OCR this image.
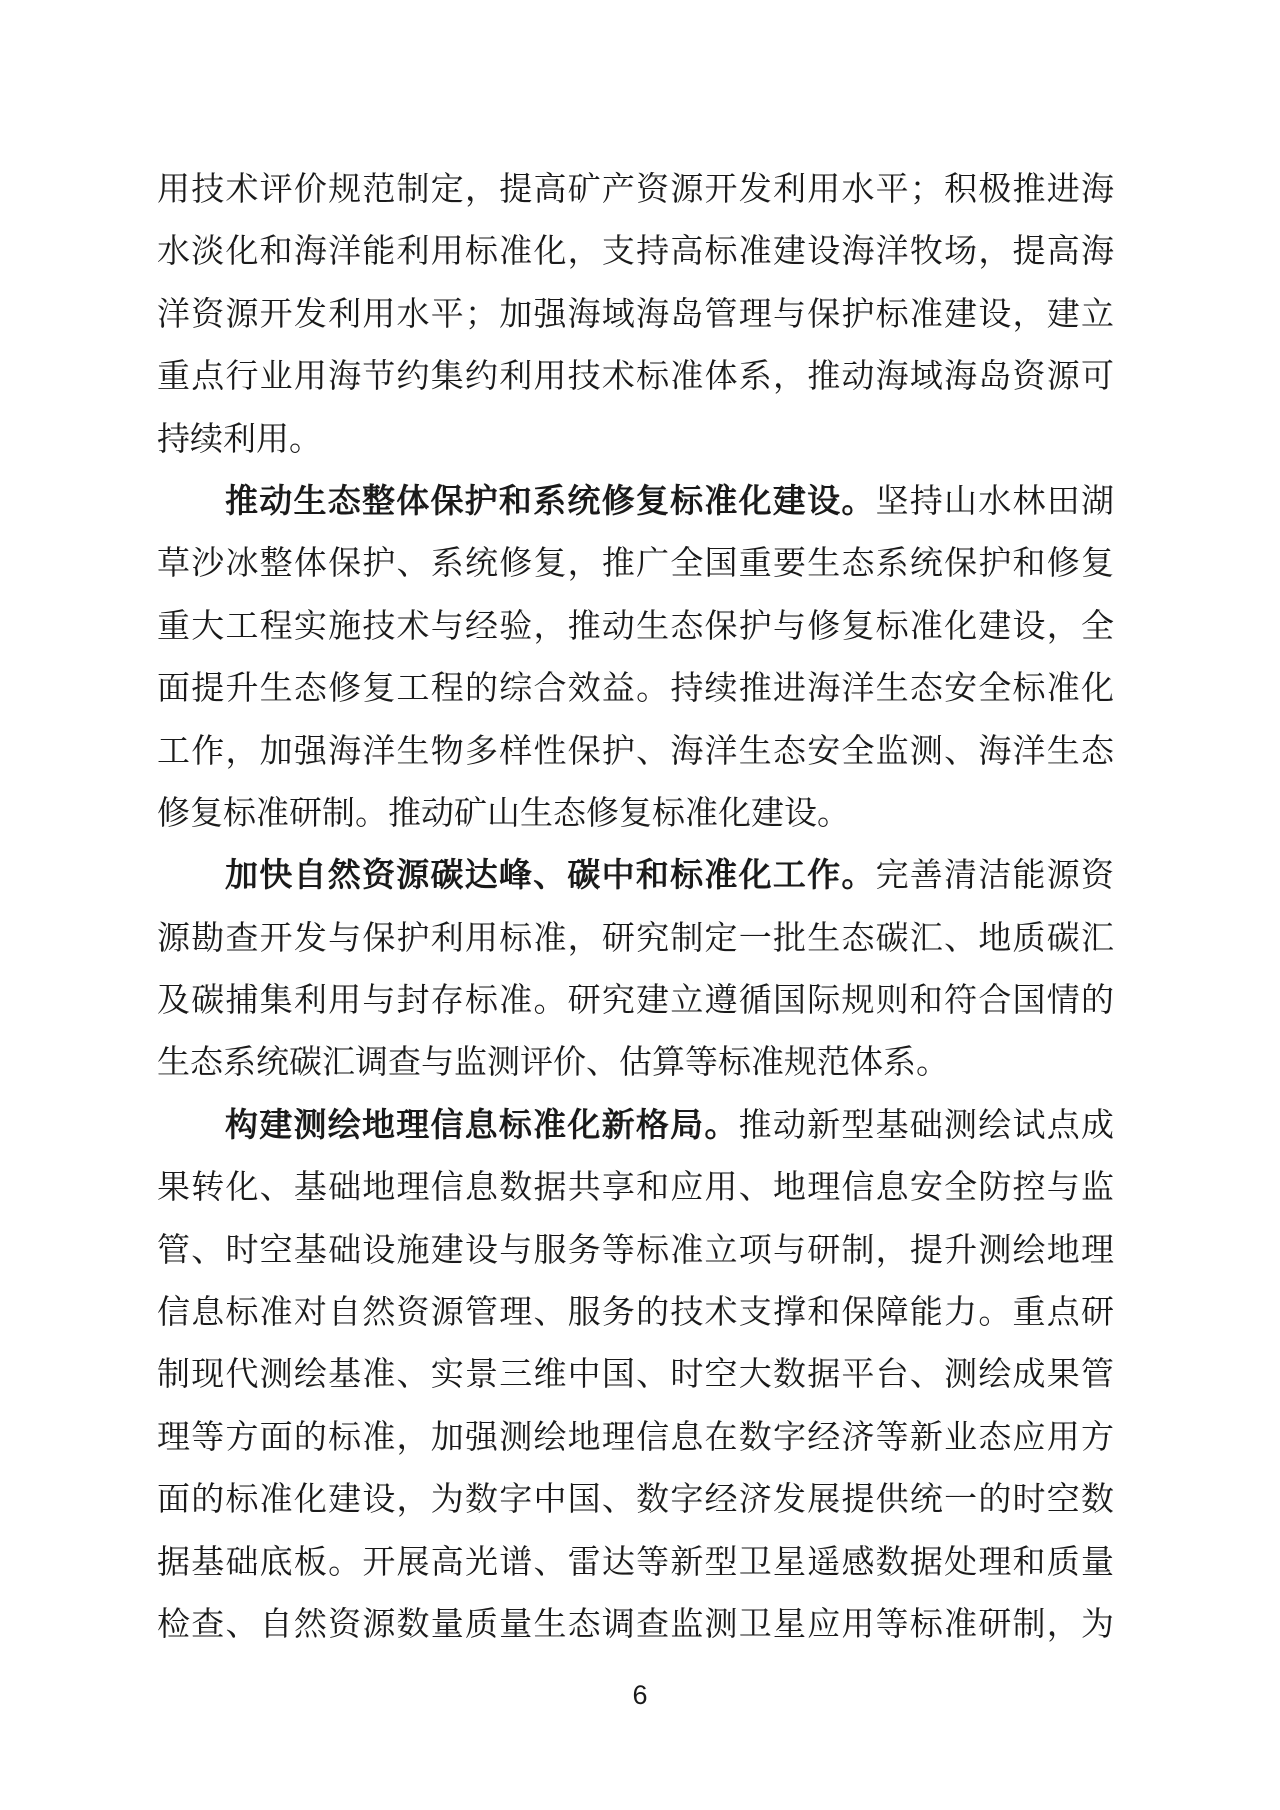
用技术评价规范制定，提高矿产资源开发利用水平；积极推进海
水淡化和海洋能利用标准化，支持高标准建设海洋牧场，提高海
洋资源开发利用水平；加强海域海岛管理与保护标准建设，建立
重点行业用海节约集约利用技术标准体系，推动海域海岛资源可
持续利用。
推动生态整体保护和系统修复标准化建设。坚持山水林田湖
草沙冰整体保护、系统修复，推广全国重要生态系统保护和修复
重大工程实施技术与经验，推动生态保护与修复标准化建设，全
面提升生态修复工程的综合效益。持续推进海洋生态安全标准化
工作，加强海洋生物多样性保护、海洋生态安全监测、海洋生态
修复标准研制。推动矿山生态修复标准化建设。
加快自然资源碳达峰、碳中和标准化工作。完善清洁能源资
源勘查开发与保护利用标准，研究制定一批生态碳汇、地质碳汇
及碳捕集利用与封存标准。研究建立遵循国际规则和符合国情的
生态系统碳汇调查与监测评价、估算等标准规范体系。
构建测绘地理信息标准化新格局。推动新型基础测绘试点成
果转化、基础地理信息数据共享和应用、地理信息安全防控与监
管、时空基础设施建设与服务等标准立项与研制，提升测绘地理
信息标准对自然资源管理、服务的技术支撑和保障能力。重点研
制现代测绘基准、实景三维中国、时空大数据平台、测绘成果管
理等方面的标准，加强测绘地理信息在数字经济等新业态应用方
面的标准化建设，为数字中国、数字经济发展提供统一的时空数
据基础底板。开展高光谱、雷达等新型卫星遥感数据处理和质量
检查、自然资源数量质量生态调查监测卫星应用等标准研制，为
6
